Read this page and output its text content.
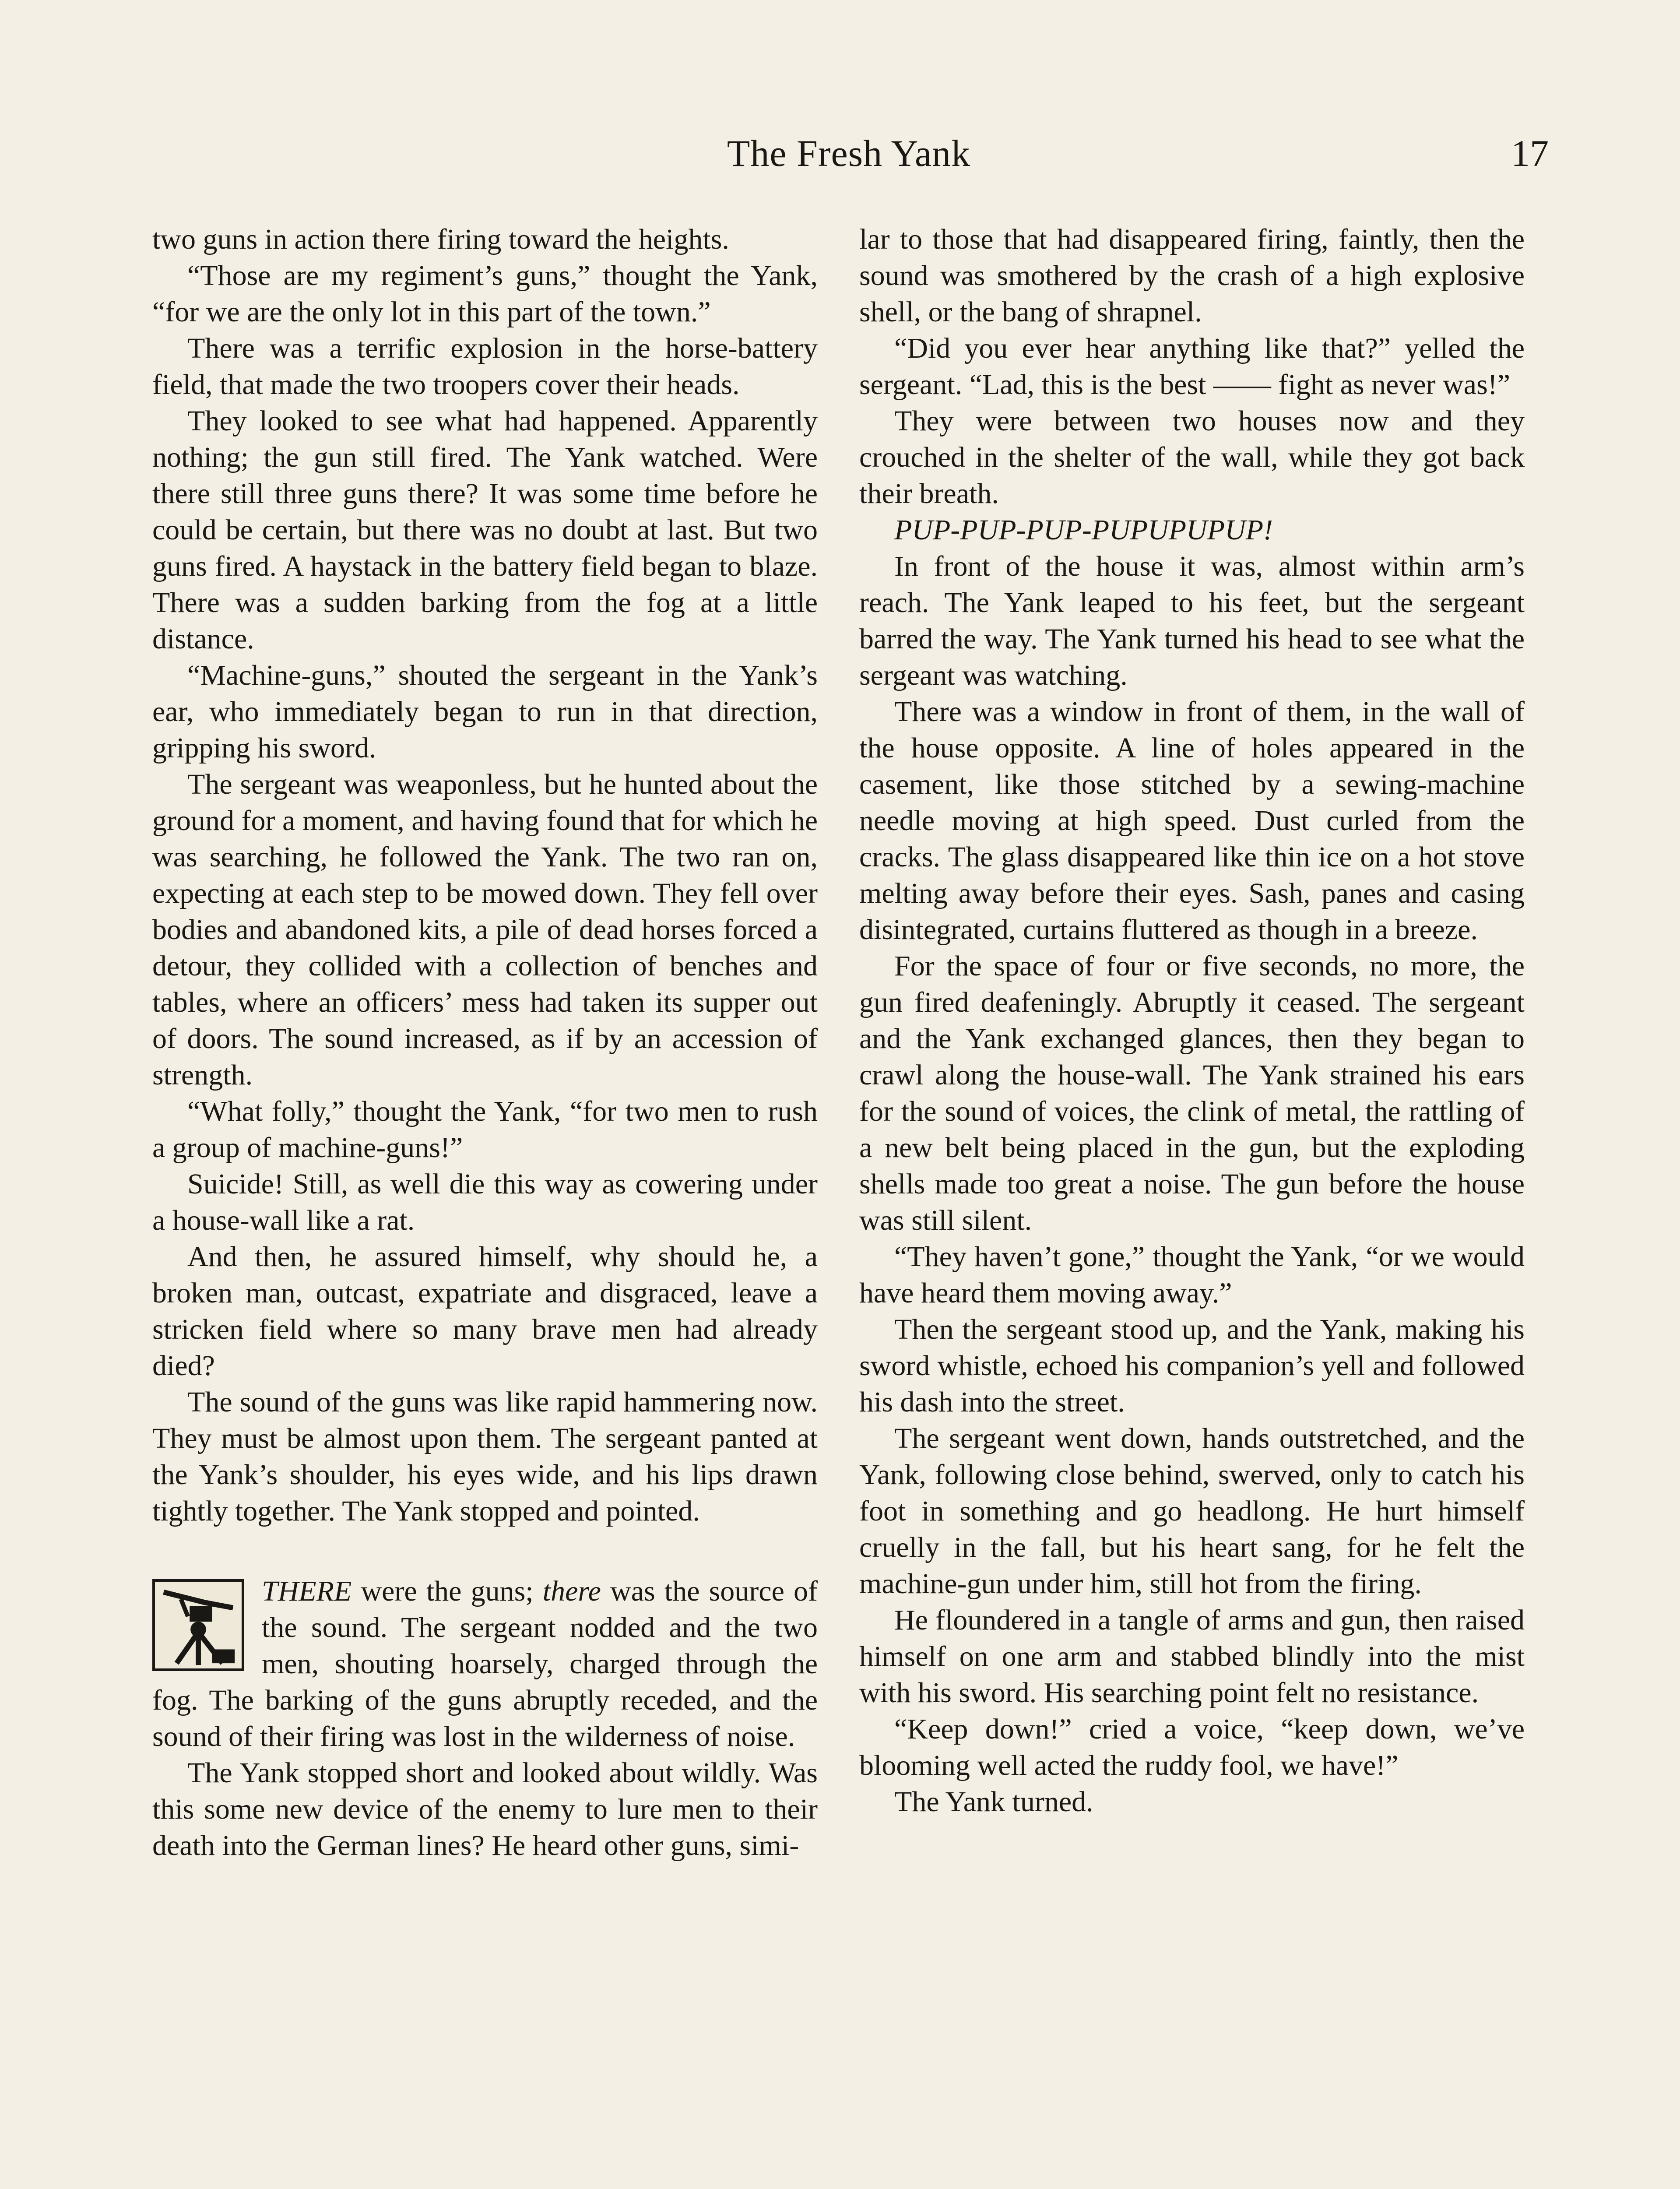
The Fresh Yank	17

two guns in action there firing toward the heights.

“Those are my regiment’s guns,” thought the Yank, “for we are the only lot in this part of the town.”

There was a terrific explosion in the horse-battery field, that made the two troopers cover their heads.

They looked to see what had happened. Apparently nothing; the gun still fired. The Yank watched. Were there still three guns there? It was some time before he could be certain, but there was no doubt at last. But two guns fired. A haystack in the battery field began to blaze. There was a sudden barking from the fog at a little distance.

“Machine-guns,” shouted the sergeant in the Yank’s ear, who immediately began to run in that direction, gripping his sword.

The sergeant was weaponless, but he hunted about the ground for a moment, and having found that for which he was searching, he followed the Yank. The two ran on, expecting at each step to be mowed down. They fell over bodies and abandoned kits, a pile of dead horses forced a detour, they collided with a collection of benches and tables, where an officers’ mess had taken its supper out of doors. The sound increased, as if by an accession of strength.

“What folly,” thought the Yank, “for two men to rush a group of machine-guns!”

Suicide! Still, as well die this way as cowering under a house-wall like a rat.

And then, he assured himself, why should he, a broken man, outcast, expatriate and disgraced, leave a stricken field where so many brave men had already died?

The sound of the guns was like rapid hammering now. They must be almost upon them. The sergeant panted at the Yank’s shoulder, his eyes wide, and his lips drawn tightly together. The Yank stopped and pointed.

THERE were the guns; there was the source of the sound. The sergeant nodded and the two men, shouting hoarsely, charged through the fog. The barking of the guns abruptly receded, and the sound of their firing was lost in the wilderness of noise.

The Yank stopped short and looked about wildly. Was this some new device of the enemy to lure men to their death into the German lines? He heard other guns, simi-

lar to those that had disappeared firing, faintly, then the sound was smothered by the crash of a high explosive shell, or the bang of shrapnel.

“Did you ever hear anything like that?” yelled the sergeant. “Lad, this is the best —— fight as never was!”

They were between two houses now and they crouched in the shelter of the wall, while they got back their breath.

PUP-PUP-PUP-PUPUPUPUP!

In front of the house it was, almost within arm’s reach. The Yank leaped to his feet, but the sergeant barred the way. The Yank turned his head to see what the sergeant was watching.

There was a window in front of them, in the wall of the house opposite. A line of holes appeared in the casement, like those stitched by a sewing-machine needle moving at high speed. Dust curled from the cracks. The glass disappeared like thin ice on a hot stove melting away before their eyes. Sash, panes and casing disintegrated, curtains fluttered as though in a breeze.

For the space of four or five seconds, no more, the gun fired deafeningly. Abruptly it ceased. The sergeant and the Yank exchanged glances, then they began to crawl along the house-wall. The Yank strained his ears for the sound of voices, the clink of metal, the rattling of a new belt being placed in the gun, but the exploding shells made too great a noise. The gun before the house was still silent.

“They haven’t gone,” thought the Yank, “or we would have heard them moving away.”

Then the sergeant stood up, and the Yank, making his sword whistle, echoed his companion’s yell and followed his dash into the street.

The sergeant went down, hands outstretched, and the Yank, following close behind, swerved, only to catch his foot in something and go headlong. He hurt himself cruelly in the fall, but his heart sang, for he felt the machine-gun under him, still hot from the firing.

He floundered in a tangle of arms and gun, then raised himself on one arm and stabbed blindly into the mist with his sword. His searching point felt no resistance.

“Keep down!” cried a voice, “keep down, we’ve blooming well acted the ruddy fool, we have!”

The Yank turned.
